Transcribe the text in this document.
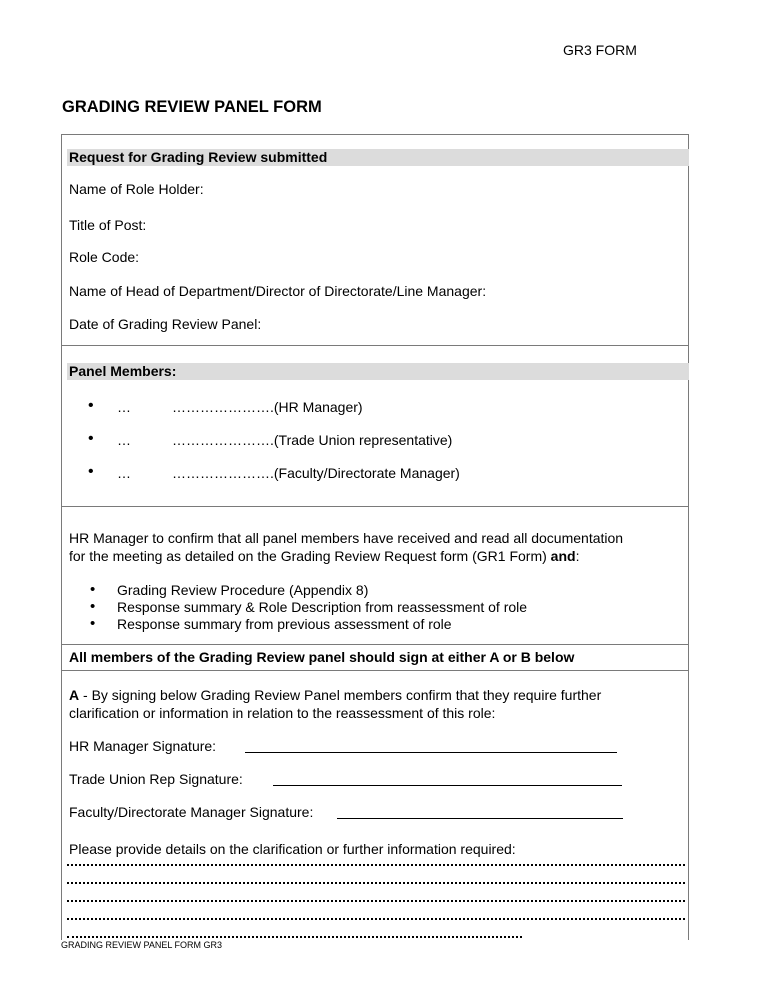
GR3 FORM
GRADING REVIEW PANEL FORM
Request for Grading Review submitted
Name of Role Holder:
Title of Post:
Role Code:
Name of Head of Department/Director of Directorate/Line Manager:
Date of Grading Review Panel:
Panel Members:
• …	………………….(HR Manager)
• …	………………….(Trade Union representative)
• …	………………….(Faculty/Directorate Manager)
HR Manager to confirm that all panel members have received and read all documentation
for the meeting as detailed on the Grading Review Request form (GR1 Form) and:
• Grading Review Procedure (Appendix 8)
• Response summary & Role Description from reassessment of role
• Response summary from previous assessment of role
All members of the Grading Review panel should sign at either A or B below
A - By signing below Grading Review Panel members confirm that they require further
clarification or information in relation to the reassessment of this role:
HR Manager Signature:
Trade Union Rep Signature:
Faculty/Directorate Manager Signature:
Please provide details on the clarification or further information required:
GRADING REVIEW PANEL FORM GR3
